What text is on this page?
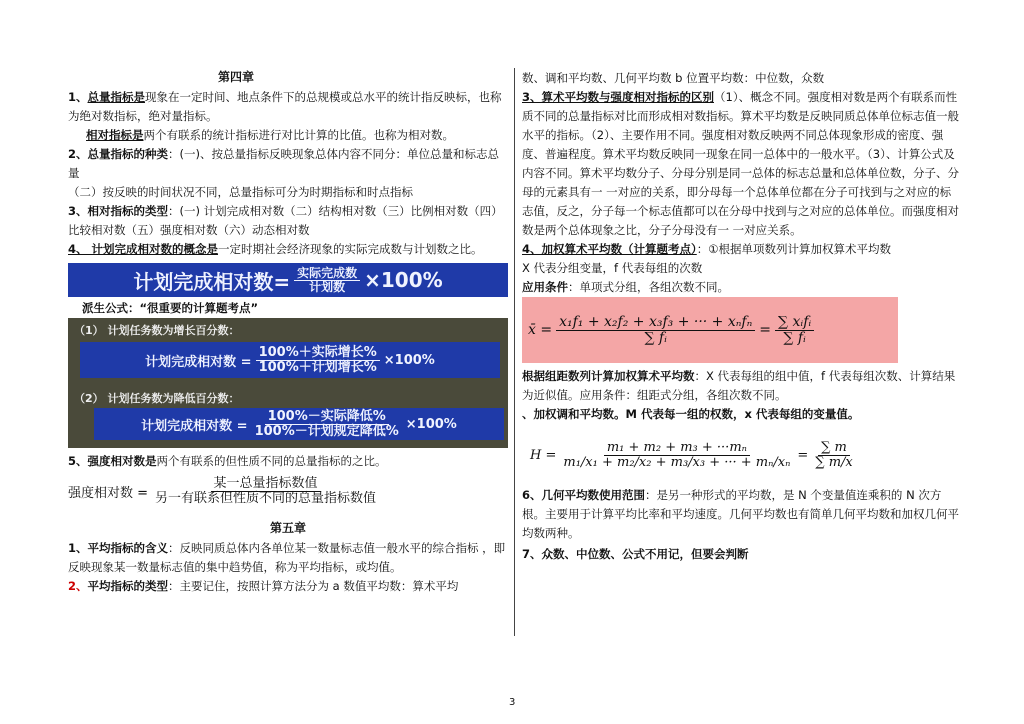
第四章

1、总量指标是现象在一定时间、地点条件下的总规模或总水平的统计指反映标，也称为绝对数指标，绝对量指标。

相对指标是两个有联系的统计指标进行对比计算的比值。也称为相对数。

2、总量指标的种类：(一)、按总量指标反映现象总体内容不同分：单位总量和标志总量

（二）按反映的时间状况不同，总量指标可分为时期指标和时点指标

3、相对指标的类型：(一) 计划完成相对数（二）结构相对数（三）比例相对数（四）比较相对数（五）强度相对数（六）动态相对数

4、 计划完成相对数的概念是一定时期社会经济现象的实际完成数与计划数之比。

计划完成相对数= $\frac{\text{实际完成数}}{\text{计划数}} \times 100\%$

派生公式：“很重要的计算题考点”

（1） 计划任务数为增长百分数：
计划完成相对数 = $\frac{\text{100\%＋实际增长\%}}{\text{100\%＋计划增长\%}} \times 100\%$
（2） 计划任务数为降低百分数：
计划完成相对数 = $\frac{\text{100\%－实际降低\%}}{\text{100\%－计划规定降低\%}} \times 100\%$

5、强度相对数是两个有联系的但性质不同的总量指标的之比。

强度相对数 = $\frac{\text{某一总量指标数值}}{\text{另一有联系但性质不同的总量指标数值}}$
第五章

1、平均指标的含义：反映同质总体内各单位某一数量标志值一般水平的综合指标 ，即反映现象某一数量标志值的集中趋势值，称为平均指标，或均值。

2、平均指标的类型：主要记住，按照计算方法分为 a 数值平均数：算术平均

数、调和平均数、几何平均数 b 位置平均数：中位数，众数

3、算术平均数与强度相对指标的区别（1）、概念不同。强度相对数是两个有联系而性质不同的总量指标对比而形成相对数指标。算术平均数是反映同质总体单位标志值一般水平的指标。（2）、主要作用不同。强度相对数反映两不同总体现象形成的密度、强度、普遍程度。算术平均数反映同一现象在同一总体中的一般水平。（3）、计算公式及内容不同。算术平均数分子、分母分别是同一总体的标志总量和总体单位数，分子、分母的元素具有一 一对应的关系，即分母每一个总体单位都在分子可找到与之对应的标志值，反之，分子每一个标志值都可以在分母中找到与之对应的总体单位。而强度相对数是两个总体现象之比，分子分母没有一 一对应关系。

4、加权算术平均数（计算题考点）：①根据单项数列计算加权算术平均数

X 代表分组变量，f 代表每组的次数

应用条件：单项式分组，各组次数不同。

x̄ = $\frac{\text{x₁f₁ + x₂f₂ + x₃f₃ + ··· + xₙfₙ}}{\text{∑ fᵢ}} = \frac{\text{∑ xᵢfᵢ}}{\text{∑ fᵢ}}$

根据组距数列计算加权算术平均数：X 代表每组的组中值，f 代表每组次数、计算结果为近似值。应用条件：组距式分组，各组次数不同。

、加权调和平均数。M 代表每一组的权数，x 代表每组的变量值。

$H = \frac{\text{m₁ + m₂ + m₃ + ···mₙ}}{\text{m₁/x₁ + m₂/x₂ + m₃/x₃ + ··· + mₙ/xₙ}} = \frac{\sum m}{\sum m/x}$

6、几何平均数使用范围：是另一种形式的平均数，是 N 个变量值连乘积的 N 次方根。主要用于计算平均比率和平均速度。几何平均数也有简单几何平均数和加权几何平均数两种。

7、众数、中位数、公式不用记，但要会判断

3
